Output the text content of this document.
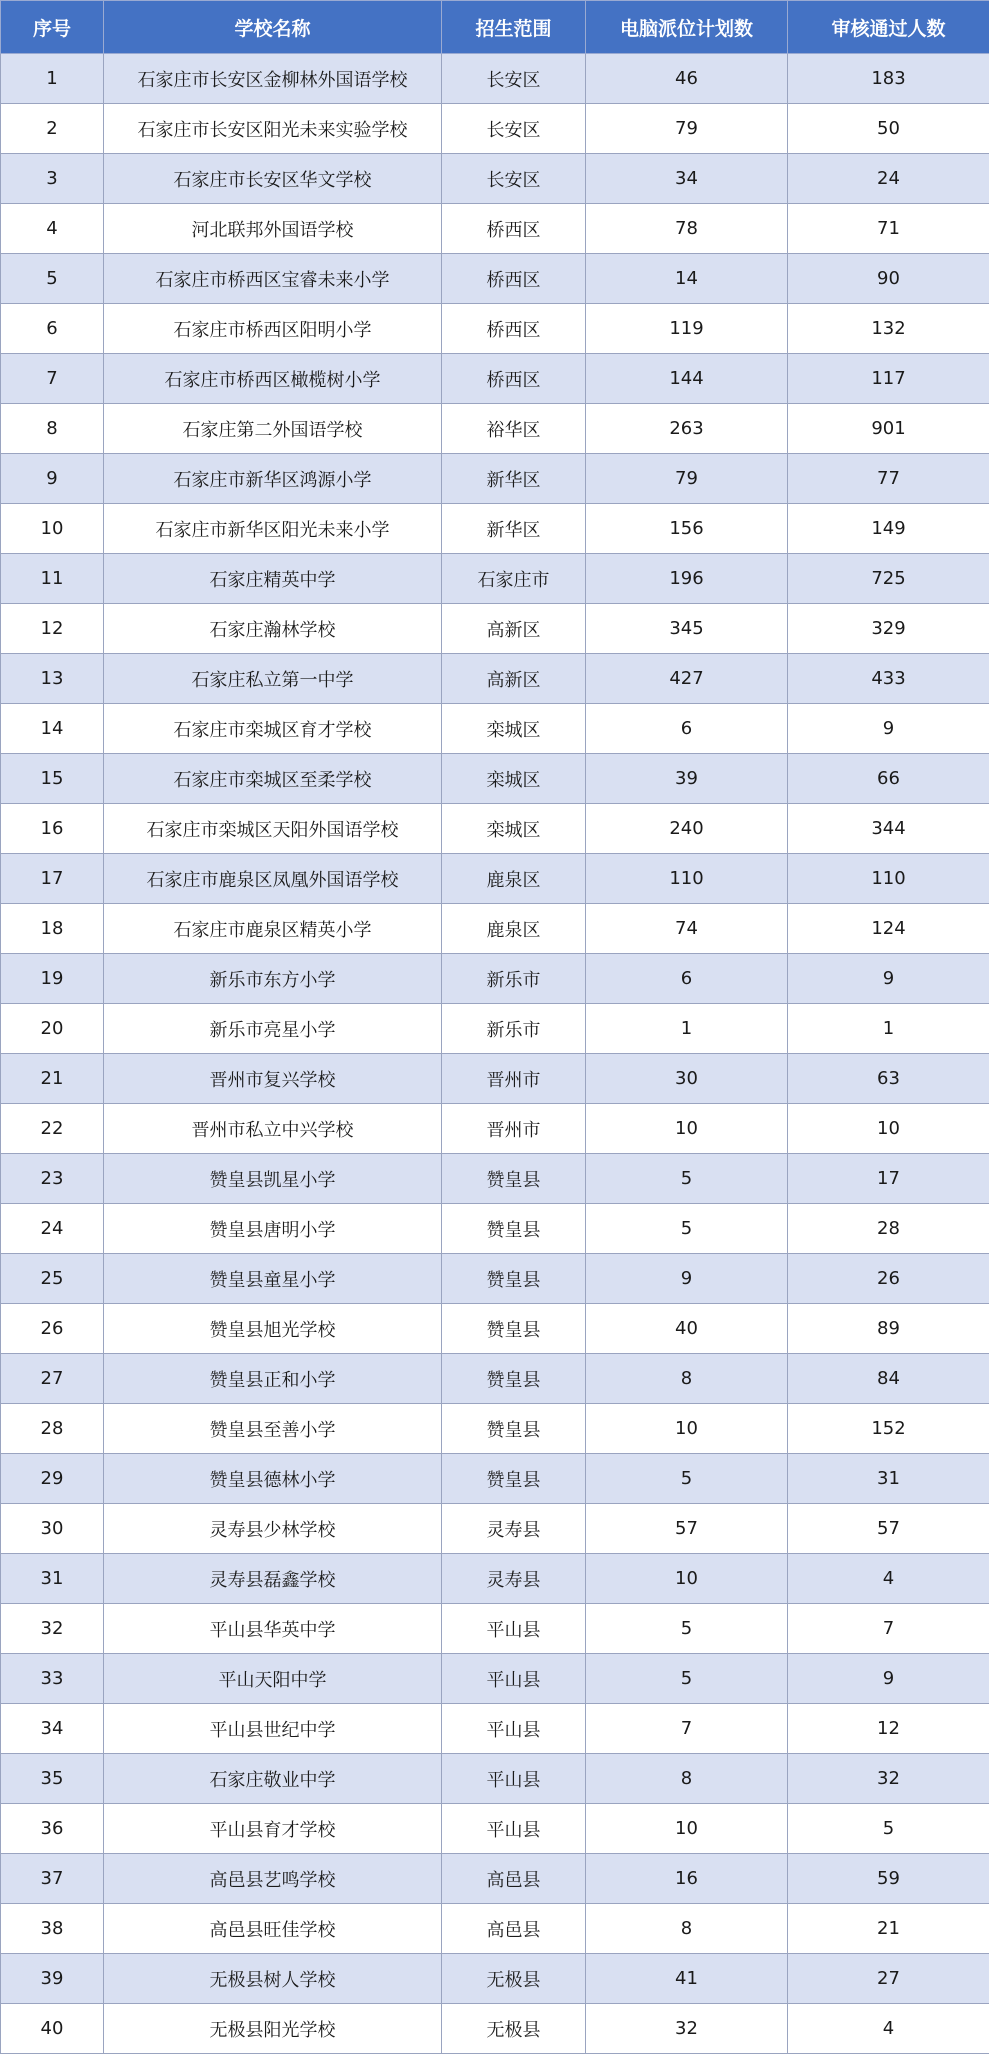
序号	学校名称	招生范围	电脑派位计划数	审核通过人数
1	石家庄市长安区金柳林外国语学校	长安区	46	183
2	石家庄市长安区阳光未来实验学校	长安区	79	50
3	石家庄市长安区华文学校	长安区	34	24
4	河北联邦外国语学校	桥西区	78	71
5	石家庄市桥西区宝睿未来小学	桥西区	14	90
6	石家庄市桥西区阳明小学	桥西区	119	132
7	石家庄市桥西区橄榄树小学	桥西区	144	117
8	石家庄第二外国语学校	裕华区	263	901
9	石家庄市新华区鸿源小学	新华区	79	77
10	石家庄市新华区阳光未来小学	新华区	156	149
11	石家庄精英中学	石家庄市	196	725
12	石家庄瀚林学校	高新区	345	329
13	石家庄私立第一中学	高新区	427	433
14	石家庄市栾城区育才学校	栾城区	6	9
15	石家庄市栾城区至柔学校	栾城区	39	66
16	石家庄市栾城区天阳外国语学校	栾城区	240	344
17	石家庄市鹿泉区凤凰外国语学校	鹿泉区	110	110
18	石家庄市鹿泉区精英小学	鹿泉区	74	124
19	新乐市东方小学	新乐市	6	9
20	新乐市亮星小学	新乐市	1	1
21	晋州市复兴学校	晋州市	30	63
22	晋州市私立中兴学校	晋州市	10	10
23	赞皇县凯星小学	赞皇县	5	17
24	赞皇县唐明小学	赞皇县	5	28
25	赞皇县童星小学	赞皇县	9	26
26	赞皇县旭光学校	赞皇县	40	89
27	赞皇县正和小学	赞皇县	8	84
28	赞皇县至善小学	赞皇县	10	152
29	赞皇县德林小学	赞皇县	5	31
30	灵寿县少林学校	灵寿县	57	57
31	灵寿县磊鑫学校	灵寿县	10	4
32	平山县华英中学	平山县	5	7
33	平山天阳中学	平山县	5	9
34	平山县世纪中学	平山县	7	12
35	石家庄敬业中学	平山县	8	32
36	平山县育才学校	平山县	10	5
37	高邑县艺鸣学校	高邑县	16	59
38	高邑县旺佳学校	高邑县	8	21
39	无极县树人学校	无极县	41	27
40	无极县阳光学校	无极县	32	4
